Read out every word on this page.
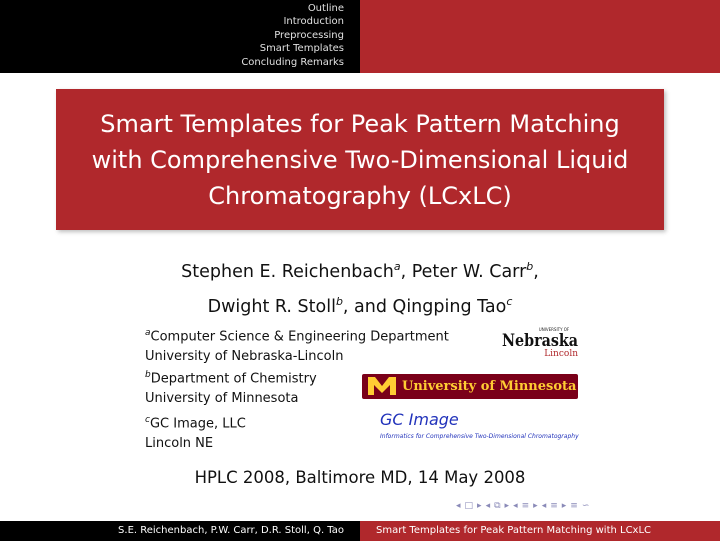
Outline
Introduction
Preprocessing
Smart Templates
Concluding Remarks

Smart Templates for Peak Pattern Matching with Comprehensive Two-Dimensional Liquid Chromatography (LCxLC)

Stephen E. Reichenbach$^a$, Peter W. Carr$^b$,
Dwight R. Stoll$^b$, and Qingping Tao$^c$
$^a$Computer Science & Engineering Department
University of Nebraska-Lincoln
$^b$Department of Chemistry
University of Minnesota
$^c$GC Image, LLC
Lincoln NE
UNIVERSITY OF
Nebraska
Lincoln
University of Minnesota
GC Image
Informatics for Comprehensive Two-Dimensional Chromatography
HPLC 2008, Baltimore MD, 14 May 2008
◂ □ ▸ ◂ ⧉ ▸ ◂ ≡ ▸ ◂ ≡ ▸ ≡ ∽
S.E. Reichenbach, P.W. Carr, D.R. Stoll, Q. Tao	Smart Templates for Peak Pattern Matching with LCxLC
